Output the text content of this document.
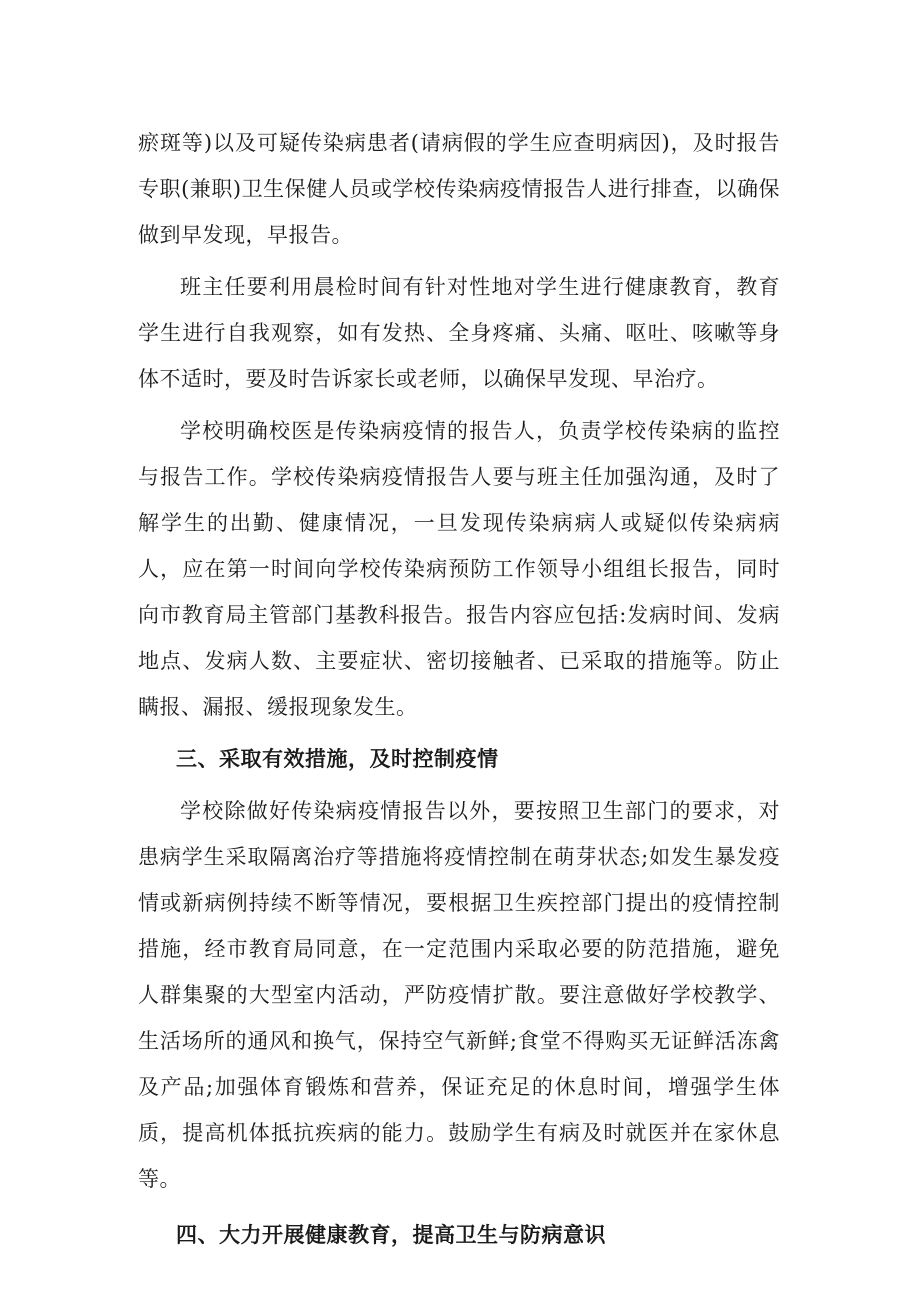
瘀斑等)以及可疑传染病患者(请病假的学生应查明病因)，及时报告专职(兼职)卫生保健人员或学校传染病疫情报告人进行排查，以确保做到早发现，早报告。

班主任要利用晨检时间有针对性地对学生进行健康教育，教育学生进行自我观察，如有发热、全身疼痛、头痛、呕吐、咳嗽等身体不适时，要及时告诉家长或老师，以确保早发现、早治疗。

学校明确校医是传染病疫情的报告人，负责学校传染病的监控与报告工作。学校传染病疫情报告人要与班主任加强沟通，及时了解学生的出勤、健康情况，一旦发现传染病病人或疑似传染病病人，应在第一时间向学校传染病预防工作领导小组组长报告，同时向市教育局主管部门基教科报告。报告内容应包括:发病时间、发病地点、发病人数、主要症状、密切接触者、已采取的措施等。防止瞒报、漏报、缓报现象发生。

三、采取有效措施，及时控制疫情

学校除做好传染病疫情报告以外，要按照卫生部门的要求，对患病学生采取隔离治疗等措施将疫情控制在萌芽状态;如发生暴发疫情或新病例持续不断等情况，要根据卫生疾控部门提出的疫情控制措施，经市教育局同意，在一定范围内采取必要的防范措施，避免人群集聚的大型室内活动，严防疫情扩散。要注意做好学校教学、生活场所的通风和换气，保持空气新鲜;食堂不得购买无证鲜活冻禽及产品;加强体育锻炼和营养，保证充足的休息时间，增强学生体质，提高机体抵抗疾病的能力。鼓励学生有病及时就医并在家休息等。

四、大力开展健康教育，提高卫生与防病意识
